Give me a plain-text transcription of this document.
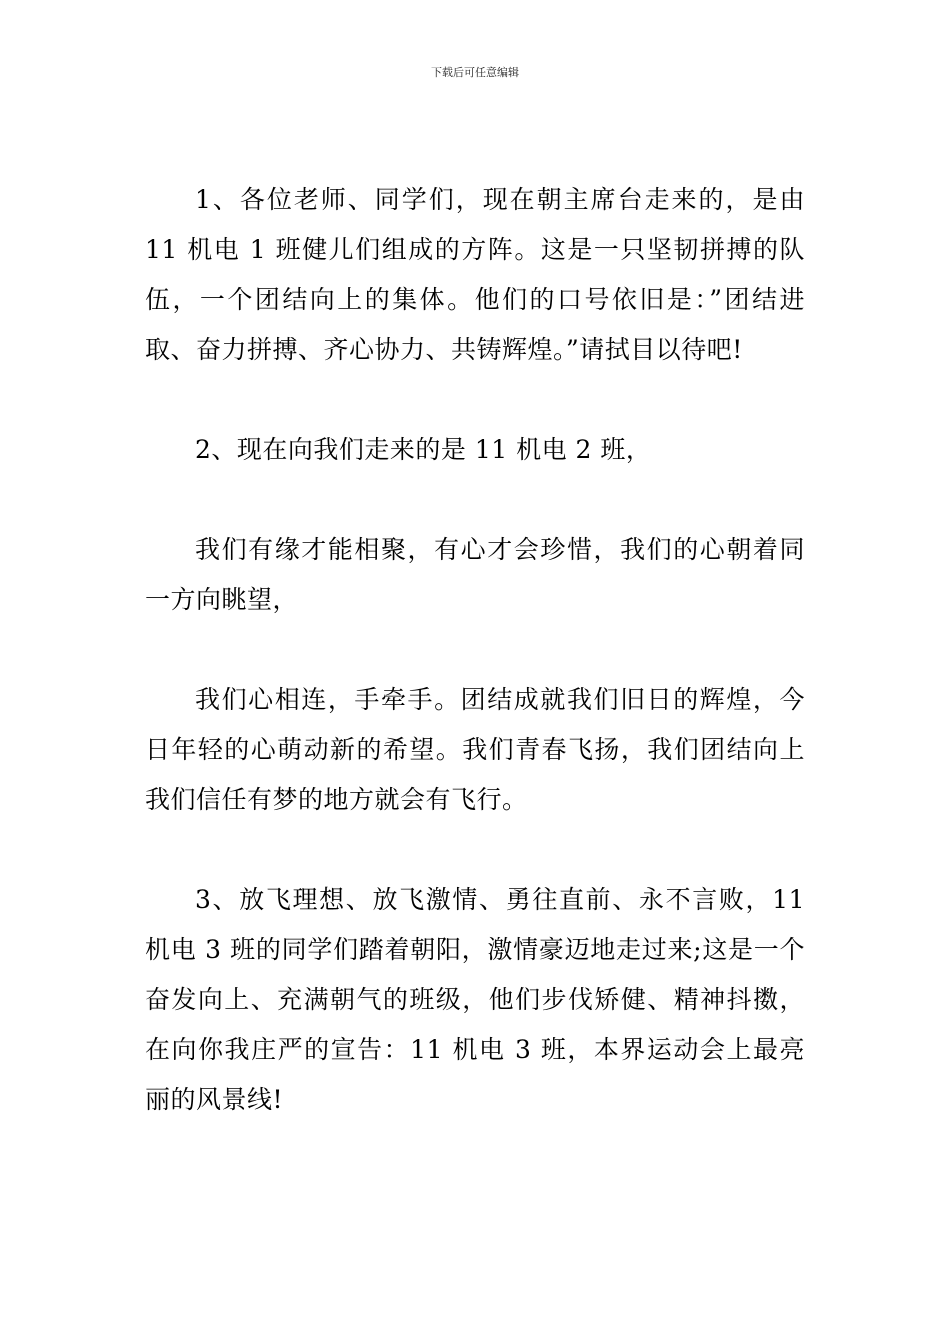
下载后可任意编辑

1、各位老师、同学们，现在朝主席台走来的，是由 11 机电 1 班健儿们组成的方阵。这是一只坚韧拼搏的队伍，一个团结向上的集体。他们的口号依旧是：”团结进取、奋力拼搏、齐心协力、共铸辉煌。”请拭目以待吧!

2、现在向我们走来的是 11 机电 2 班，

我们有缘才能相聚，有心才会珍惜，我们的心朝着同一方向眺望，

我们心相连，手牵手。团结成就我们旧日的辉煌，今日年轻的心萌动新的希望。我们青春飞扬，我们团结向上我们信任有梦的地方就会有飞行。

3、放飞理想、放飞激情、勇往直前、永不言败，11 机电 3 班的同学们踏着朝阳，激情豪迈地走过来;这是一个奋发向上、充满朝气的班级，他们步伐矫健、精神抖擞，在向你我庄严的宣告：11 机电 3 班，本界运动会上最亮丽的风景线!
